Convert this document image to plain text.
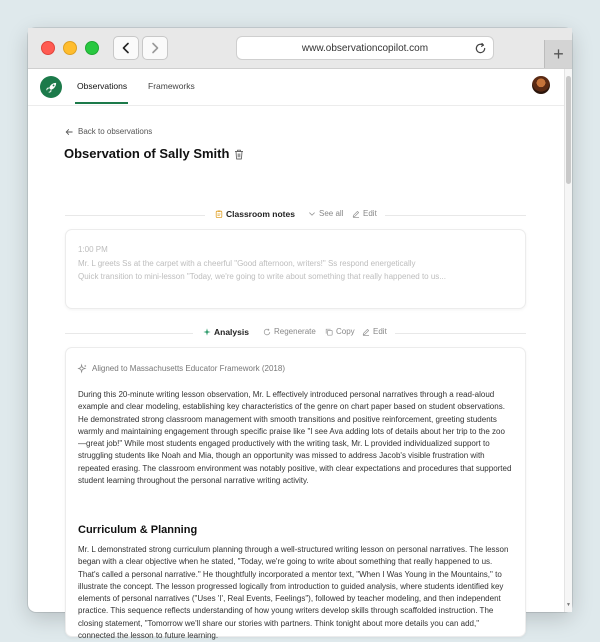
www.observationcopilot.com	+
Observations Frameworks
▼
Back to observations
Observation of Sally Smith
Classroom notes	See all Edit
1:00 PM
Mr. L greets Ss at the carpet with a cheerful "Good afternoon, writers!" Ss respond energetically
Quick transition to mini-lesson "Today, we're going to write about something that really happened to us...
Analysis	Regenerate	Copy Edit
Aligned to Massachusetts Educator Framework (2018)

During this 20-minute writing lesson observation, Mr. L effectively introduced personal narratives through a read-aloud example and clear modeling, establishing key characteristics of the genre on chart paper based on student observations. He demonstrated strong classroom management with smooth transitions and positive reinforcement, greeting students warmly and maintaining engagement through specific praise like "I see Ava adding lots of details about her trip to the zoo—great job!" While most students engaged productively with the writing task, Mr. L provided individualized support to struggling students like Noah and Mia, though an opportunity was missed to address Jacob's visible frustration with repeated erasing. The classroom environment was notably positive, with clear expectations and procedures that supported student learning throughout the personal narrative writing activity.

Curriculum & Planning

Mr. L demonstrated strong curriculum planning through a well-structured writing lesson on personal narratives. The lesson began with a clear objective when he stated, "Today, we're going to write about something that really happened to us. That's called a personal narrative." He thoughtfully incorporated a mentor text, "When I Was Young in the Mountains," to illustrate the concept. The lesson progressed logically from introduction to guided analysis, where students identified key elements of personal narratives ("Uses 'I', Real Events, Feelings"), followed by teacher modeling, and then independent practice. This sequence reflects understanding of how young writers develop skills through scaffolded instruction. The closing statement, "Tomorrow we'll share our stories with partners. Think tonight about more details you can add," connected the lesson to future learning.
